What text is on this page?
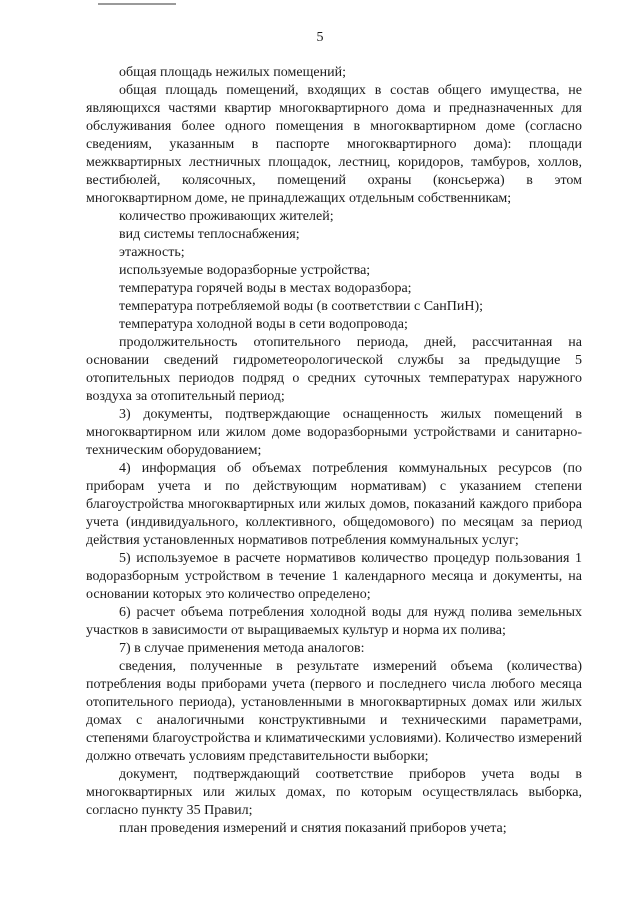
5

общая площадь нежилых помещений;

общая площадь помещений, входящих в состав общего имущества, не являющихся частями квартир многоквартирного дома и предназначенных для обслуживания более одного помещения в многоквартирном доме (согласно сведениям, указанным в паспорте многоквартирного дома): площади межквартирных лестничных площадок, лестниц, коридоров, тамбуров, холлов, вестибюлей, колясочных, помещений охраны (консьержа) в этом многоквартирном доме, не принадлежащих отдельным собственникам;

количество проживающих жителей;

вид системы теплоснабжения;

этажность;

используемые водоразборные устройства;

температура горячей воды в местах водоразбора;

температура потребляемой воды (в соответствии с СанПиН);

температура холодной воды в сети водопровода;

продолжительность отопительного периода, дней, рассчитанная на основании сведений гидрометеорологической службы за предыдущие 5 отопительных периодов подряд о средних суточных температурах наружного воздуха за отопительный период;

3) документы, подтверждающие оснащенность жилых помещений в многоквартирном или жилом доме водоразборными устройствами и санитарно-техническим оборудованием;

4) информация об объемах потребления коммунальных ресурсов (по приборам учета и по действующим нормативам) с указанием степени благоустройства многоквартирных или жилых домов, показаний каждого прибора учета (индивидуального, коллективного, общедомового) по месяцам за период действия установленных нормативов потребления коммунальных услуг;

5) используемое в расчете нормативов количество процедур пользования 1 водоразборным устройством в течение 1 календарного месяца и документы, на основании которых это количество определено;

6) расчет объема потребления холодной воды для нужд полива земельных участков в зависимости от выращиваемых культур и норма их полива;

7) в случае применения метода аналогов:

сведения, полученные в результате измерений объема (количества) потребления воды приборами учета (первого и последнего числа любого месяца отопительного периода), установленными в многоквартирных домах или жилых домах с аналогичными конструктивными и техническими параметрами, степенями благоустройства и климатическими условиями). Количество измерений должно отвечать условиям представительности выборки;

документ, подтверждающий соответствие приборов учета воды в многоквартирных или жилых домах, по которым осуществлялась выборка, согласно пункту 35 Правил;

план проведения измерений и снятия показаний приборов учета;
